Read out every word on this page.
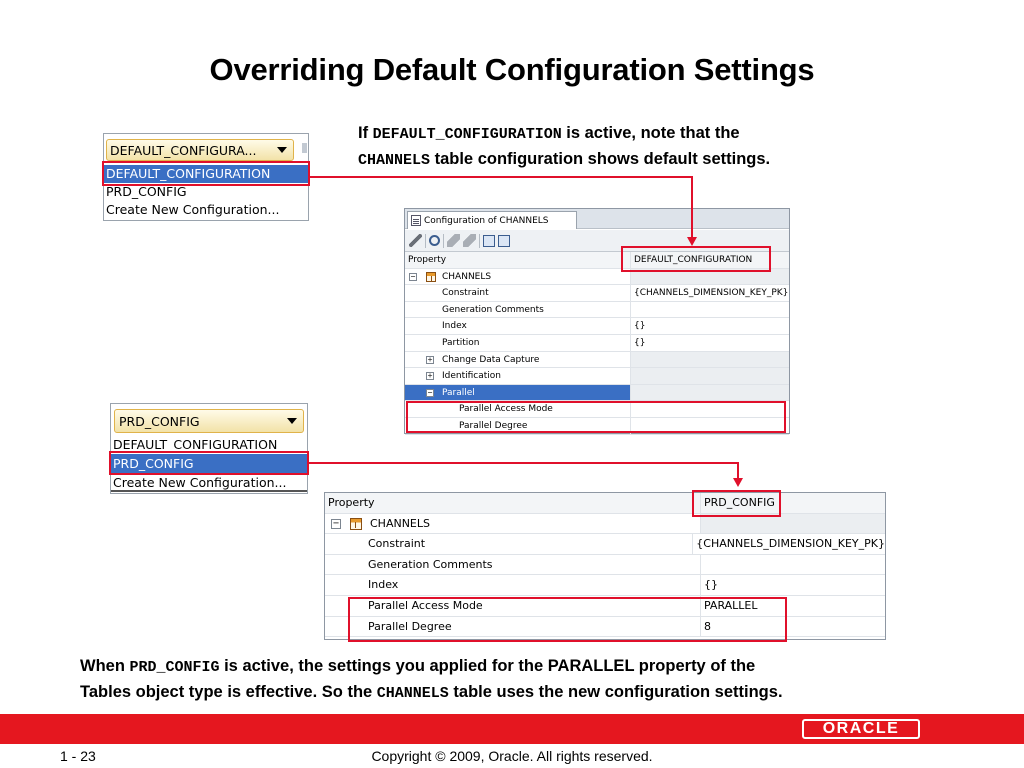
Overriding Default Configuration Settings
If DEFAULT_CONFIGURATION is active, note that the
CHANNELS table configuration shows default settings.
DEFAULT_CONFIGURA...
DEFAULT_CONFIGURATION
PRD_CONFIG
Create New Configuration...
Configuration of CHANNELS
Property	DEFAULT_CONFIGURATION
−	CHANNELS
Constraint	{CHANNELS_DIMENSION_KEY_PK}
Generation Comments
Index	{}
Partition	{}
+ Change Data Capture
+ Identification
− Parallel
Parallel Access Mode
Parallel Degree
PRD_CONFIG
DEFAULT_CONFIGURATION
PRD_CONFIG
Create New Configuration...
Property	PRD_CONFIG
−	CHANNELS
Constraint	{CHANNELS_DIMENSION_KEY_PK}
Generation Comments
Index	{}
Parallel Access Mode	PARALLEL
Parallel Degree	8
When PRD_CONFIG is active, the settings you applied for the PARALLEL property of the
Tables object type is effective. So the CHANNELS table uses the new configuration settings.
ORACLE
1 - 23	Copyright © 2009, Oracle. All rights reserved.
